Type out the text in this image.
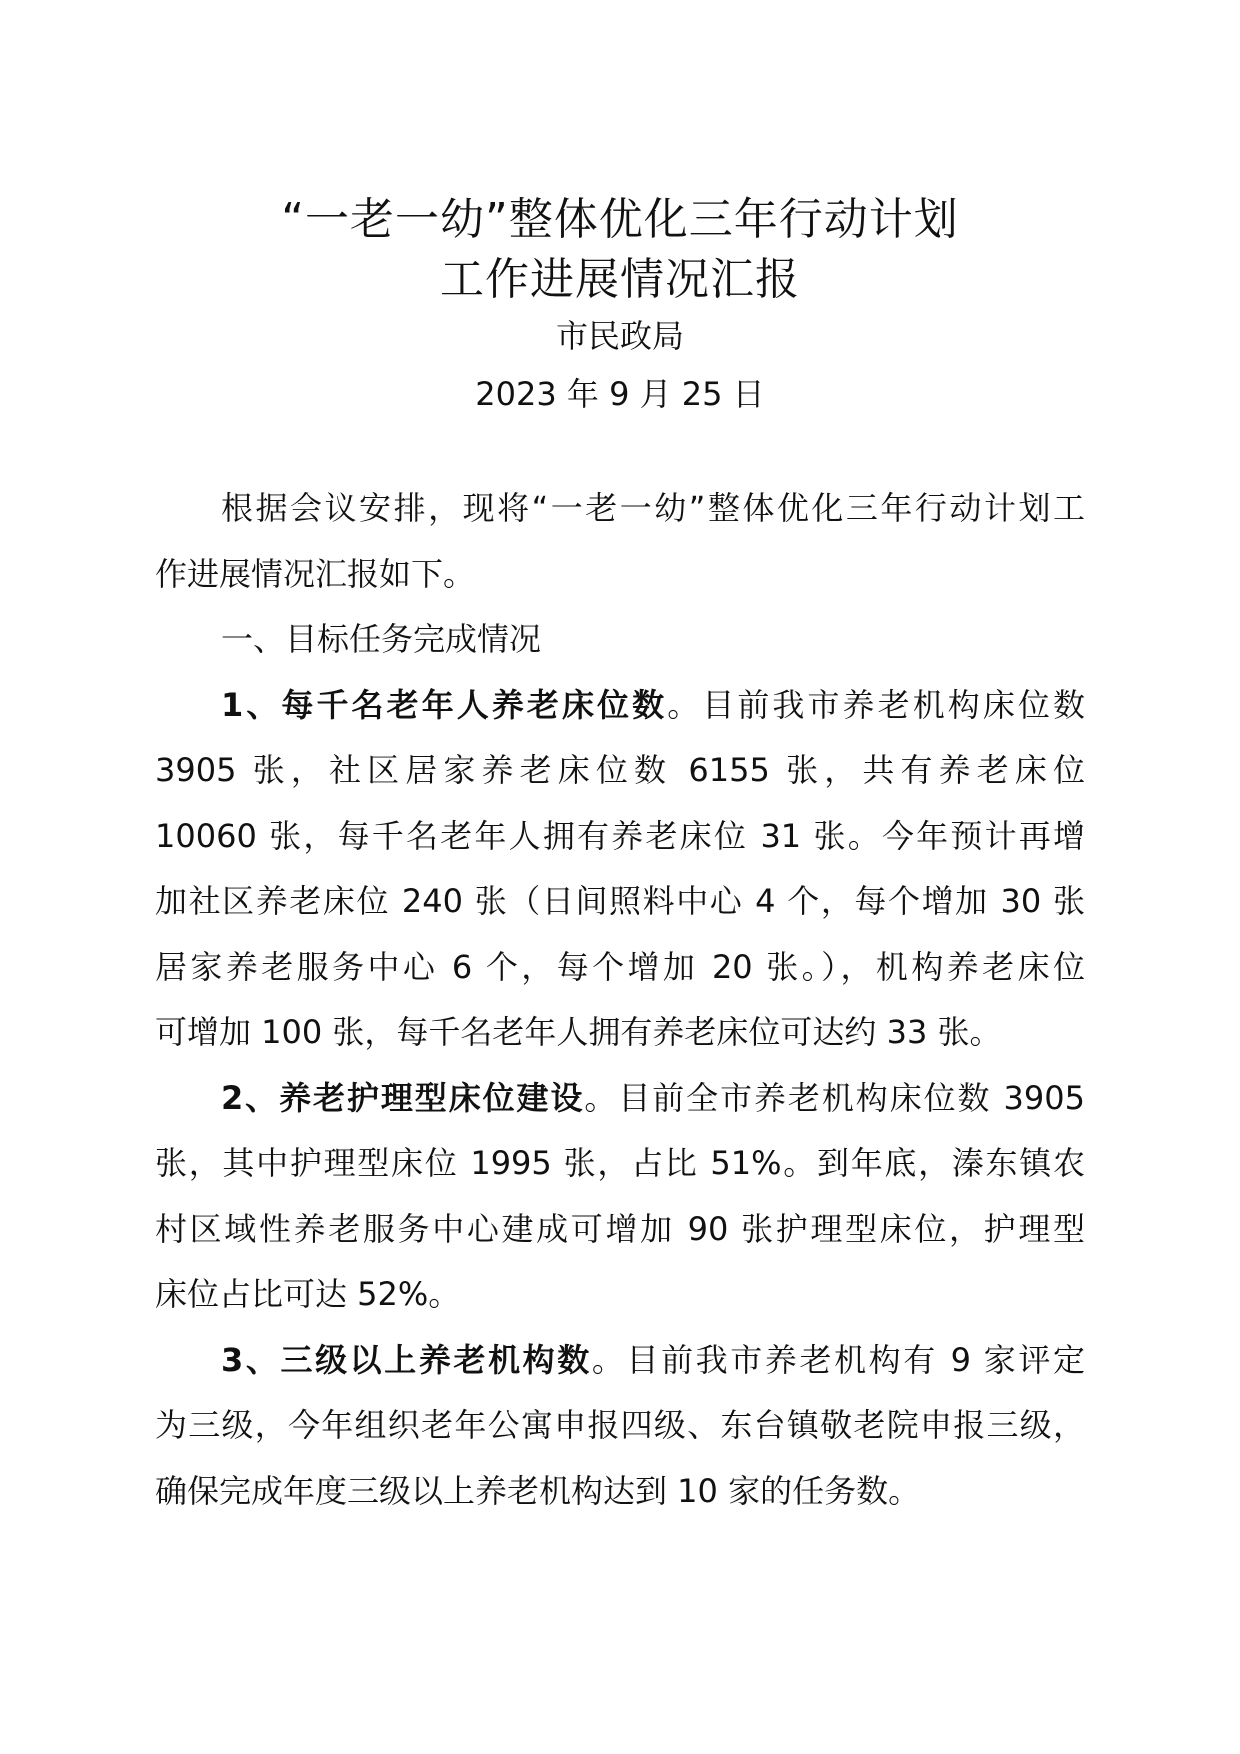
“一老一幼”整体优化三年行动计划
工作进展情况汇报
市民政局
2023 年 9 月 25 日
根据会议安排，现将“一老一幼”整体优化三年行动计划工
作进展情况汇报如下。
一、目标任务完成情况
1、每千名老年人养老床位数。目前我市养老机构床位数
3905 张，社区居家养老床位数 6155 张，共有养老床位
10060 张，每千名老年人拥有养老床位 31 张。今年预计再增
加社区养老床位 240 张（日间照料中心 4 个，每个增加 30 张
居家养老服务中心 6 个，每个增加 20 张。），机构养老床位
可增加 100 张，每千名老年人拥有养老床位可达约 33 张。
2、养老护理型床位建设。目前全市养老机构床位数 3905
张，其中护理型床位 1995 张，占比 51%。到年底，溱东镇农
村区域性养老服务中心建成可增加 90 张护理型床位，护理型
床位占比可达 52%。
3、三级以上养老机构数。目前我市养老机构有 9 家评定
为三级，今年组织老年公寓申报四级、东台镇敬老院申报三级，
确保完成年度三级以上养老机构达到 10 家的任务数。
